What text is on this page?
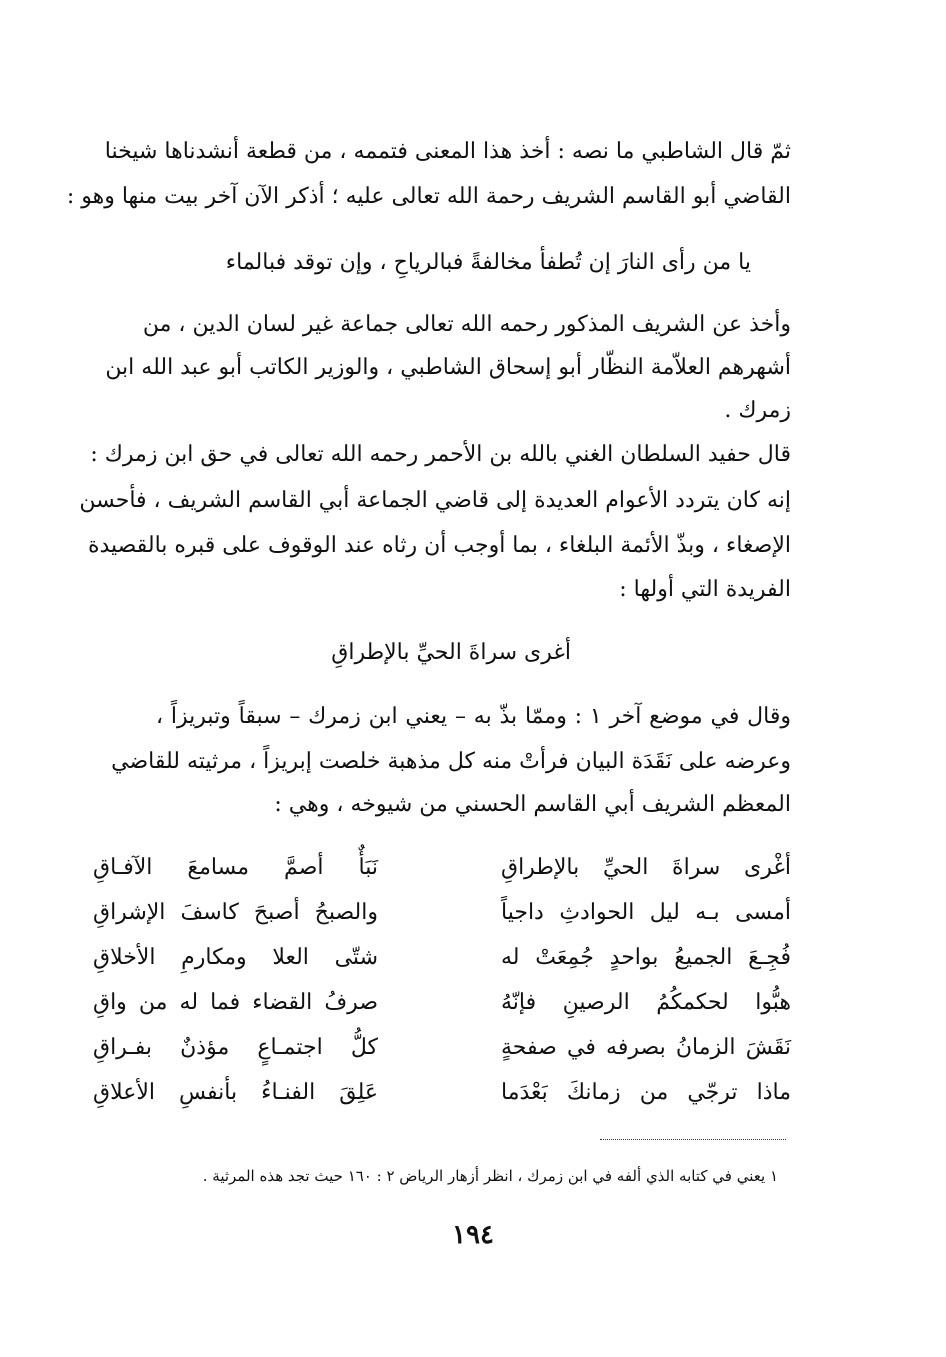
ثمّ قال الشاطبي ما نصه : أخذ هذا المعنى فتممه ، من قطعة أنشدناها شيخنا
القاضي أبو القاسم الشريف رحمة الله تعالى عليه ؛ أذكر الآن آخر بيت منها وهو :
يا من رأى النارَ إن تُطفأ مخالفةً فبالرياحِ ، وإن توقد فبالماء
وأخذ عن الشريف المذكور رحمه الله تعالى جماعة غير لسان الدين ، من
أشهرهم العلاّمة النظّار أبو إسحاق الشاطبي ، والوزير الكاتب أبو عبد الله ابن
زمرك .
قال حفيد السلطان الغني بالله بن الأحمر رحمه الله تعالى في حق ابن زمرك :
إنه كان يتردد الأعوام العديدة إلى قاضي الجماعة أبي القاسم الشريف ، فأحسن
الإصغاء ، وبذّ الأئمة البلغاء ، بما أوجب أن رثاه عند الوقوف على قبره بالقصيدة
الفريدة التي أولها :
أغرى سراةَ الحيِّ بالإطراقِ
وقال في موضع آخر ١ : وممّا بذّ به – يعني ابن زمرك – سبقاً وتبريزاً ،
وعرضه على نَقَدَة البيان فرأتْ منه كل مذهبة خلصت إبريزاً ، مرثيته للقاضي
المعظم الشريف أبي القاسم الحسني من شيوخه ، وهي :
أغْرى سراةَ الحيِّ بالإطراقِ
نَبَأٌ أصمَّ مسامعَ الآفـاقِ
أمسى بـه ليل الحوادثِ داجياً
والصبحُ أصبحَ كاسفَ الإشراقِ
فُجِـعَ الجميعُ بواحدٍ جُمِعَتْ له
شتّى العلا ومكارمِ الأخلاقِ
هبُّوا لحكمكُمُ الرصينِ فإنّهُ
صرفُ القضاء فما له من واقِ
نَقَشَ الزمانُ بصرفه في صفحةٍ
كلُّ اجتمـاعٍ مؤذنٌ بفـراقِ
ماذا ترجّي من زمانكَ بَعْدَما
عَلِقَ الفنـاءُ بأنفسِ الأعلاقِ
١ يعني في كتابه الذي ألفه في ابن زمرك ، انظر أزهار الرياض ٢ : ١٦٠ حيث تجد هذه المرثية .
١٩٤
